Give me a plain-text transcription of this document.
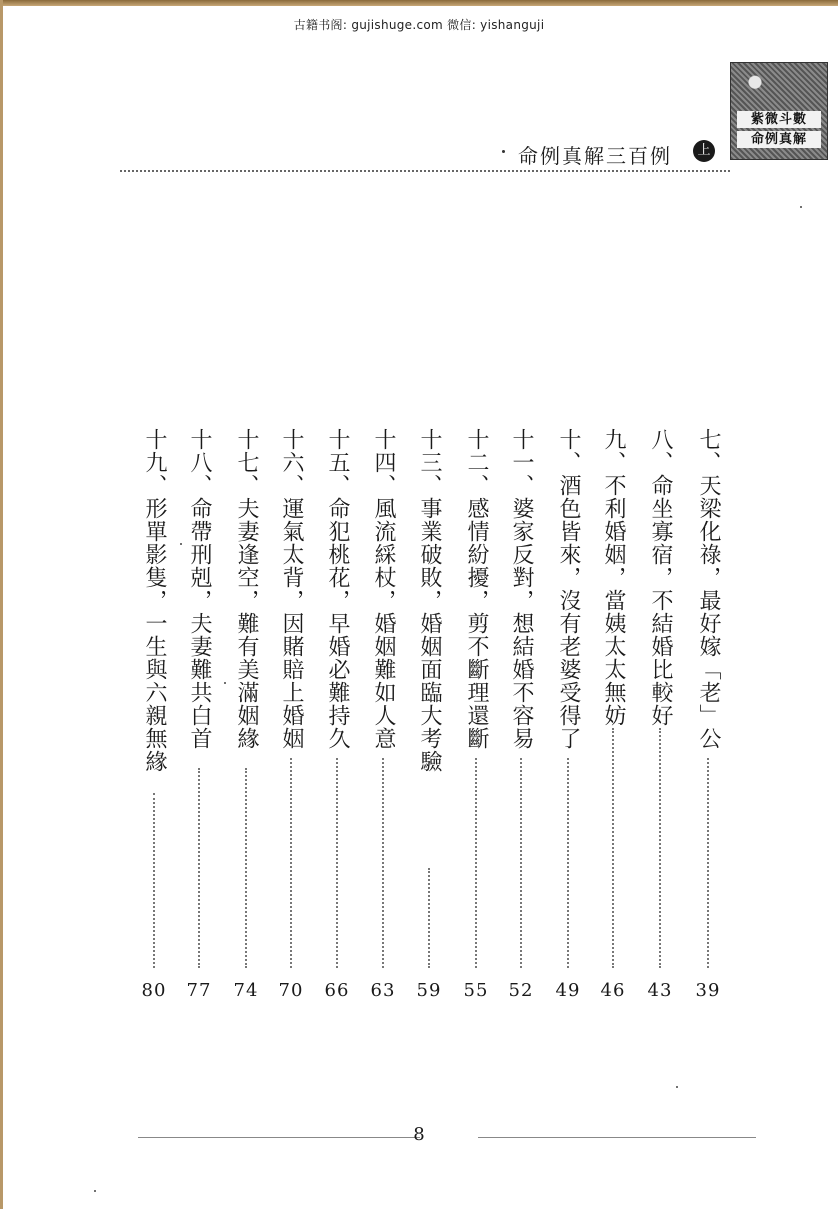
古籍书阁: gujishuge.com 微信: yishanguji
命例真解三百例	上
紫微斗數
命例真解
七、天梁化祿，最好嫁「老」公
39
八、命坐寡宿，不結婚比較好
43
九、不利婚姻，當姨太太無妨
46
十、酒色皆來，沒有老婆受得了
49
十一、婆家反對，想結婚不容易
52
十二、感情紛擾，剪不斷理還斷
55
十三、事業破敗，婚姻面臨大考驗
59
十四、風流綵杖，婚姻難如人意
63
十五、命犯桃花，早婚必難持久
66
十六、運氣太背，因賭賠上婚姻
70
十七、夫妻逢空，難有美滿姻緣
74
十八、命帶刑剋，夫妻難共白首
77
十九、形單影隻，一生與六親無緣
80
8
